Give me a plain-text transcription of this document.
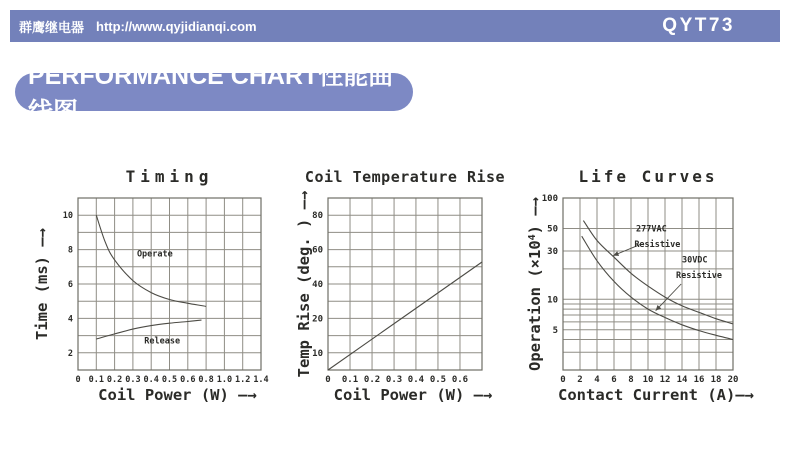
群鹰继电器 http://www.qyjidianqi.com	QYT73
PERFORMANCE CHART性能曲线图
Operate
Release
0 0.1 0.2 0.3 0.4 0.5 0.6 0.8 1.0 1.2 1.4
10
8
6
4
2
Timing
Coil Power (W) —→
Time (ms) —→
0 0.1 0.2 0.3 0.4 0.5 0.6
80
60
40
20
10
Coil Temperature Rise
Coil Power (W) —→
Temp Rise (deg. ) —→	277VAC
Resistive
30VDC
Resistive
0 2 4 6 8 10 12 14 16 18 20
100
50
30
10
5
Life Curves
Contact Current (A)—→
Operation $(\times 10^4)$ —→
